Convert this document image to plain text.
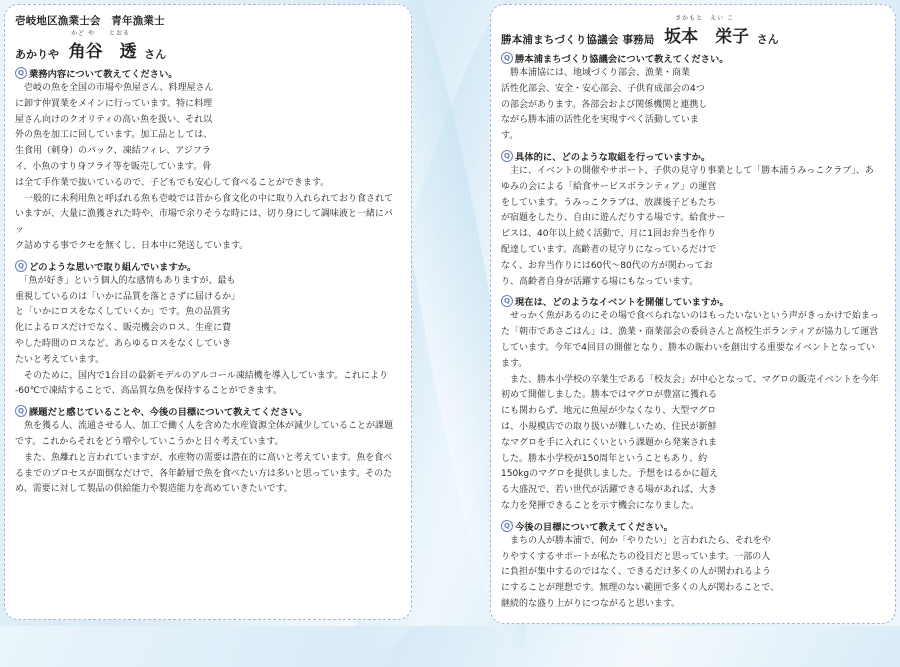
壱岐地区漁業士会　青年漁業士
あかりや
かど や　　とおる
角谷　透 さん
Q 業務内容について教えてください。
　壱岐の魚を全国の市場や魚屋さん、料理屋さん
に卸す仲買業をメインに行っています。特に料理
屋さん向けのクオリティの高い魚を扱い、それ以
外の魚を加工に回しています。加工品としては、
生食用（刺身）のパック、凍結フィレ、アジフラ
イ、小魚のすり身フライ等を販売しています。骨
は全て手作業で抜いているので、子どもでも安心して食べることができます。
　一般的に未利用魚と呼ばれる魚も壱岐では昔から食文化の中に取り入れられており食されて
いますが、大量に漁獲された時や、市場で余りそうな時には、切り身にして調味液と一緒にパッ
ク詰めする事でクセを無くし、日本中に発送しています。
Q どのような思いで取り組んでいますか。
　「魚が好き」という個人的な感情もありますが、最も
重視しているのは「いかに品質を落とさずに届けるか」
と「いかにロスをなくしていくか」です。魚の品質劣
化によるロスだけでなく、販売機会のロス、生産に費
やした時間のロスなど、あらゆるロスをなくしていき
たいと考えています。
　そのために、国内で1台目の最新モデルのアルコール凍結機を導入しています。これにより
-60℃で凍結することで、高品質な魚を保持することができます。
Q 課題だと感じていることや、今後の目標について教えてください。
　魚を獲る人、流通させる人、加工で働く人を含めた水産資源全体が減少していることが課題
です。これからそれをどう増やしていこうかと日々考えています。
　また、魚離れと言われていますが、水産物の需要は潜在的に高いと考えています。魚を食べ
るまでのプロセスが面倒なだけで、各年齢層で魚を食べたい方は多いと思っています。そのた
め、需要に対して製品の供給能力や製造能力を高めていきたいです。
勝本浦まちづくり協議会 事務局
さかもと　えい こ
坂本　栄子 さん
Q 勝本浦まちづくり協議会について教えてください。
　勝本浦協には、地域づくり部会、漁業・商業
活性化部会、安全・安心部会、子供育成部会の4つ
の部会があります。各部会および関係機関と連携し
ながら勝本浦の活性化を実現すべく活動していま
す。
Q 具体的に、どのような取組を行っていますか。
　主に、イベントの開催やサポート、子供の見守り事業として「勝本浦うみっこクラブ」、あ
ゆみの会による「給食サービスボランティア」の運営
をしています。うみっこクラブは、放課後子どもたち
が宿題をしたり、自由に遊んだりする場です。給食サー
ビスは、40年以上続く活動で、月に1回お弁当を作り
配達しています。高齢者の見守りになっているだけで
なく、お弁当作りには60代～80代の方が関わってお
り、高齢者自身が活躍する場にもなっています。
Q 現在は、どのようなイベントを開催していますか。
　せっかく魚があるのにその場で食べられないのはもったいないという声がきっかけで始まっ
た「朝市であさごはん」は、漁業・商業部会の委員さんと高校生ボランティアが協力して運営
しています。今年で4回目の開催となり、勝本の賑わいを創出する重要なイベントとなってい
ます。
　また、勝本小学校の卒業生である「校友会」が中心となって、マグロの販売イベントを今年
初めて開催しました。勝本ではマグロが豊富に獲れる
にも関わらず、地元に魚屋が少なくなり、大型マグロ
は、小規模店での取り扱いが難しいため、住民が新鮮
なマグロを手に入れにくいという課題から発案されま
した。勝本小学校が150周年ということもあり、約
150kgのマグロを提供しました。予想をはるかに超え
る大盛況で、若い世代が活躍できる場があれば、大き
な力を発揮できることを示す機会になりました。
Q 今後の目標について教えてください。
　まちの人が勝本浦で、何か「やりたい」と言われたら、それをや
りやすくするサポートが私たちの役目だと思っています。一部の人
に負担が集中するのではなく、できるだけ多くの人が関われるよう
にすることが理想です。無理のない範囲で多くの人が関わることで、
継続的な盛り上がりにつながると思います。
